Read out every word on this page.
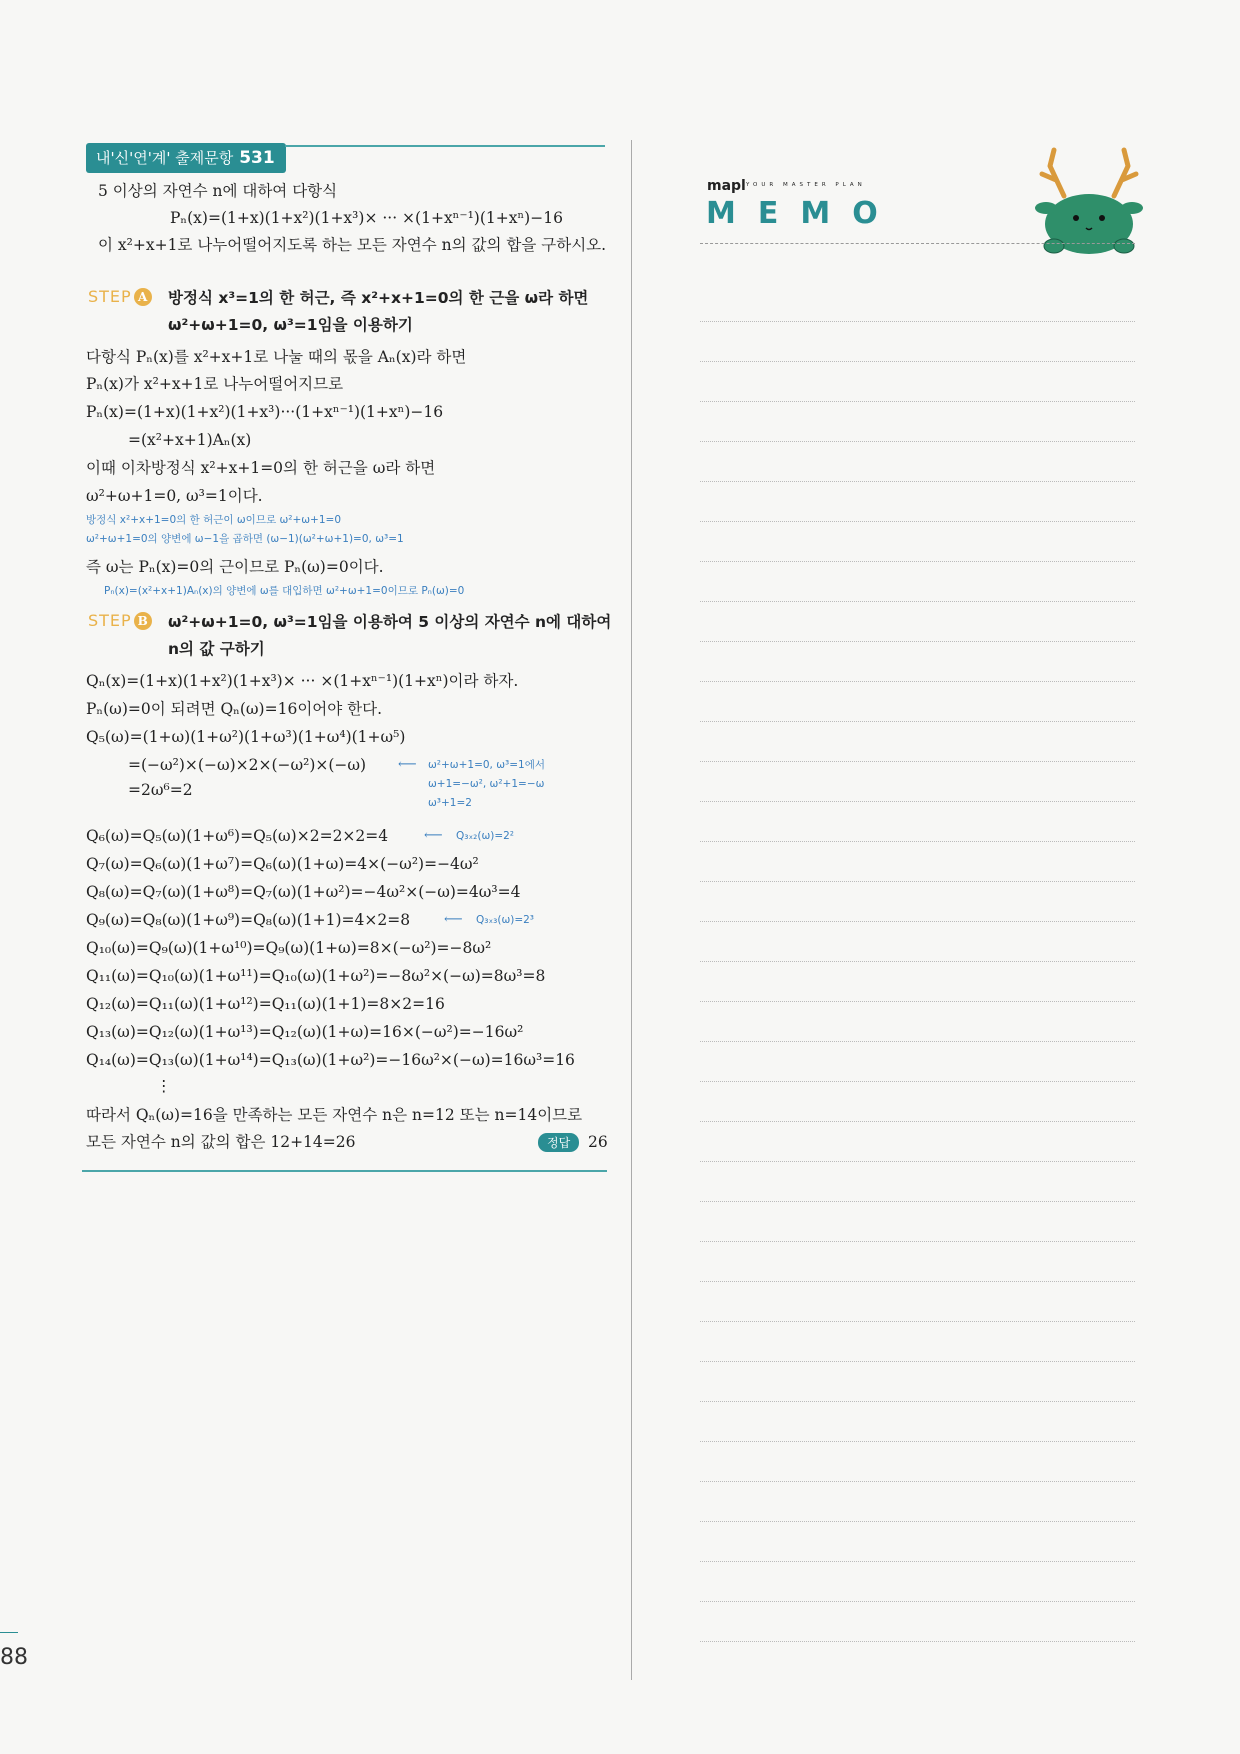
내'신'연'계' 출제문항 531
5 이상의 자연수 n에 대하여 다항식
Pₙ(x)=(1+x)(1+x²)(1+x³)× ··· ×(1+xⁿ⁻¹)(1+xⁿ)−16
이 x²+x+1로 나누어떨어지도록 하는 모든 자연수 n의 값의 합을 구하시오.
STEP A 방정식 x³=1의 한 허근, 즉 x²+x+1=0의 한 근을 ω라 하면
ω²+ω+1=0, ω³=1임을 이용하기
다항식 Pₙ(x)를 x²+x+1로 나눌 때의 몫을 Aₙ(x)라 하면
Pₙ(x)가 x²+x+1로 나누어떨어지므로
Pₙ(x)=(1+x)(1+x²)(1+x³)···(1+xⁿ⁻¹)(1+xⁿ)−16
=(x²+x+1)Aₙ(x)
이때 이차방정식 x²+x+1=0의 한 허근을 ω라 하면
ω²+ω+1=0, ω³=1이다.
방정식 x²+x+1=0의 한 허근이 ω이므로 ω²+ω+1=0
ω²+ω+1=0의 양변에 ω−1을 곱하면 (ω−1)(ω²+ω+1)=0, ω³=1
즉 ω는 Pₙ(x)=0의 근이므로 Pₙ(ω)=0이다.
Pₙ(x)=(x²+x+1)Aₙ(x)의 양변에 ω를 대입하면 ω²+ω+1=0이므로 Pₙ(ω)=0
STEP B ω²+ω+1=0, ω³=1임을 이용하여 5 이상의 자연수 n에 대하여
n의 값 구하기
Qₙ(x)=(1+x)(1+x²)(1+x³)× ··· ×(1+xⁿ⁻¹)(1+xⁿ)이라 하자.
Pₙ(ω)=0이 되려면 Qₙ(ω)=16이어야 한다.
Q₅(ω)=(1+ω)(1+ω²)(1+ω³)(1+ω⁴)(1+ω⁵)
=(−ω²)×(−ω)×2×(−ω²)×(−ω)
=2ω⁶=2
⟵ ω²+ω+1=0, ω³=1에서
ω+1=−ω², ω²+1=−ω
ω³+1=2
Q₆(ω)=Q₅(ω)(1+ω⁶)=Q₅(ω)×2=2×2=4	⟵ Q₃ₓ₂(ω)=2²
Q₇(ω)=Q₆(ω)(1+ω⁷)=Q₆(ω)(1+ω)=4×(−ω²)=−4ω²
Q₈(ω)=Q₇(ω)(1+ω⁸)=Q₇(ω)(1+ω²)=−4ω²×(−ω)=4ω³=4
Q₉(ω)=Q₈(ω)(1+ω⁹)=Q₈(ω)(1+1)=4×2=8	⟵ Q₃ₓ₃(ω)=2³
Q₁₀(ω)=Q₉(ω)(1+ω¹⁰)=Q₉(ω)(1+ω)=8×(−ω²)=−8ω²
Q₁₁(ω)=Q₁₀(ω)(1+ω¹¹)=Q₁₀(ω)(1+ω²)=−8ω²×(−ω)=8ω³=8
Q₁₂(ω)=Q₁₁(ω)(1+ω¹²)=Q₁₁(ω)(1+1)=8×2=16
Q₁₃(ω)=Q₁₂(ω)(1+ω¹³)=Q₁₂(ω)(1+ω)=16×(−ω²)=−16ω²
Q₁₄(ω)=Q₁₃(ω)(1+ω¹⁴)=Q₁₃(ω)(1+ω²)=−16ω²×(−ω)=16ω³=16
⋮
따라서 Qₙ(ω)=16을 만족하는 모든 자연수 n은 n=12 또는 n=14이므로
모든 자연수 n의 값의 합은 12+14=26	정답	26
mapl YOUR MASTER PLAN
MEMO
88
